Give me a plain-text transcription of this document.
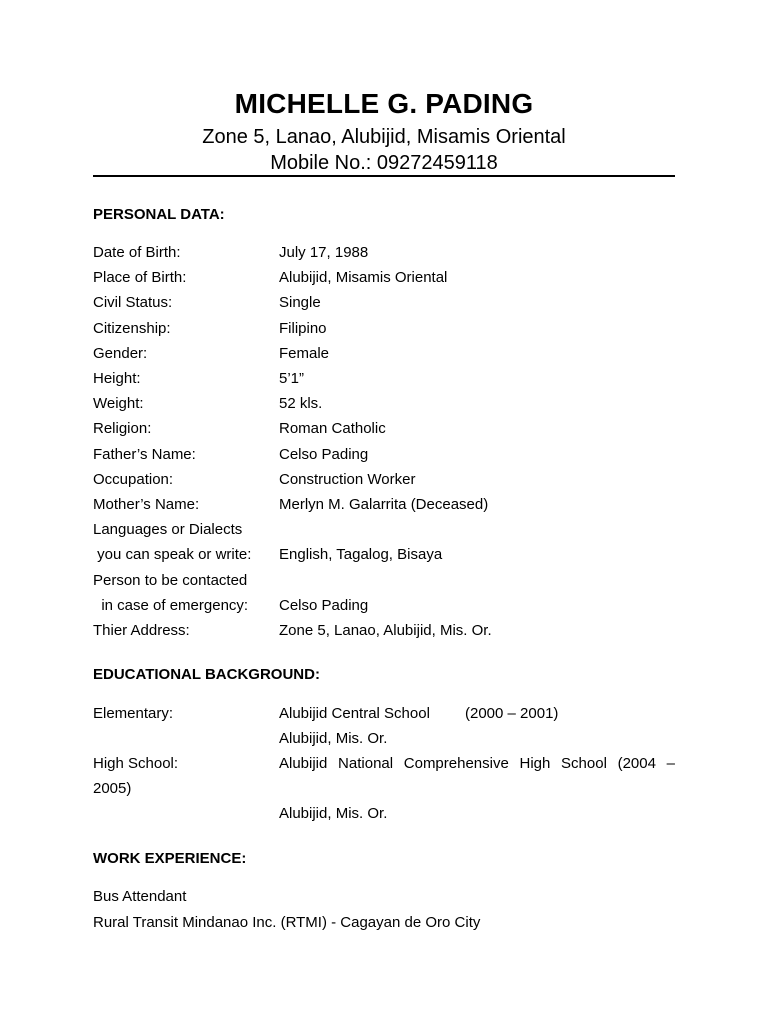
MICHELLE G. PADING
Zone 5, Lanao, Alubijid, Misamis Oriental
Mobile No.: 09272459118
PERSONAL DATA:
Date of Birth:	July 17, 1988
Place of Birth:	Alubijid, Misamis Oriental
Civil Status:	Single
Citizenship:	Filipino
Gender:	Female
Height:	5’1”
Weight:	52 kls.
Religion:	Roman Catholic
Father’s Name:	Celso Pading
Occupation:	Construction Worker
Mother’s Name:	Merlyn M. Galarrita (Deceased)
Languages or Dialects
you can speak or write: English, Tagalog, Bisaya
Person to be contacted
in case of emergency: Celso Pading
Thier Address:	Zone 5, Lanao, Alubijid, Mis. Or.
EDUCATIONAL BACKGROUND:
Elementary:	Alubijid Central School (2000 – 2001)
Alubijid, Mis. Or.
High School:	Alubijid National Comprehensive High School (2004 –
2005)
Alubijid, Mis. Or.
WORK EXPERIENCE:
Bus Attendant
Rural Transit Mindanao Inc. (RTMI) - Cagayan de Oro City
